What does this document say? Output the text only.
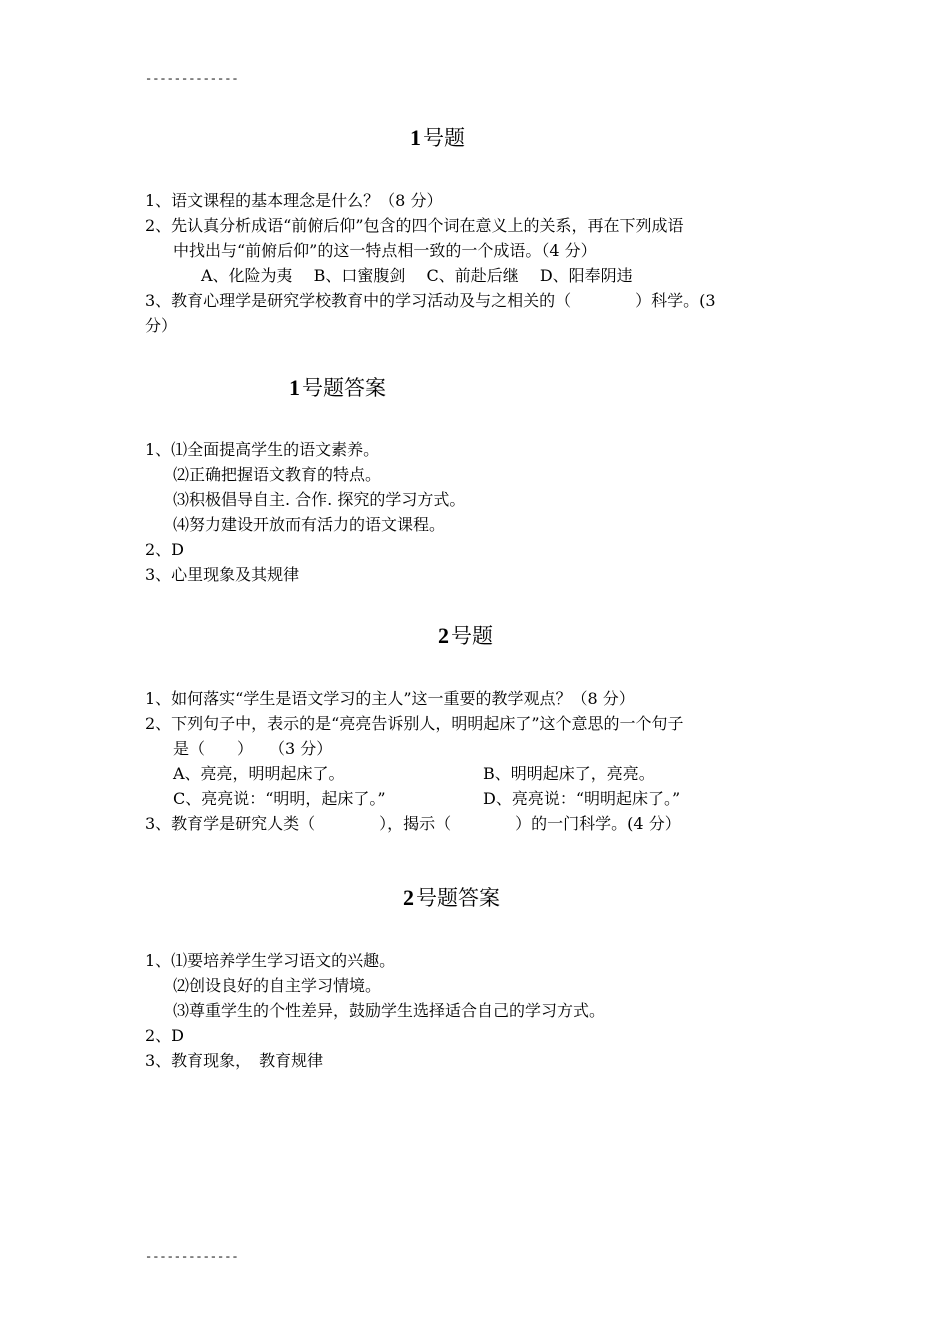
-------------
1号题
1、语文课程的基本理念是什么？（8 分）
2、先认真分析成语“前俯后仰”包含的四个词在意义上的关系，再在下列成语
中找出与“前俯后仰”的这一特点相一致的一个成语。（4 分）
A、化险为夷　 B、口蜜腹剑　 C、前赴后继　 D、阳奉阴违
3、教育心理学是研究学校教育中的学习活动及与之相关的（　　　　）科学。(3
分）
1号题答案
1、⑴全面提高学生的语文素养。
⑵正确把握语文教育的特点。
⑶积极倡导自主. 合作. 探究的学习方式。
⑷努力建设开放而有活力的语文课程。
2、D
3、心里现象及其规律
2号题
1、如何落实“学生是语文学习的主人”这一重要的教学观点？（8 分）
2、下列句子中，表示的是“亮亮告诉别人，明明起床了”这个意思的一个句子
是（　　）　　（3 分）
A、亮亮，明明起床了。	B、明明起床了，亮亮。
C、亮亮说：“明明，起床了。”	D、亮亮说：“明明起床了。”
3、教育学是研究人类（　　　　），揭示（　　　　）的一门科学。(4 分）
2号题答案
1、⑴要培养学生学习语文的兴趣。
⑵创设良好的自主学习情境。
⑶尊重学生的个性差异，鼓励学生选择适合自己的学习方式。
2、D
3、教育现象，　教育规律
-------------
